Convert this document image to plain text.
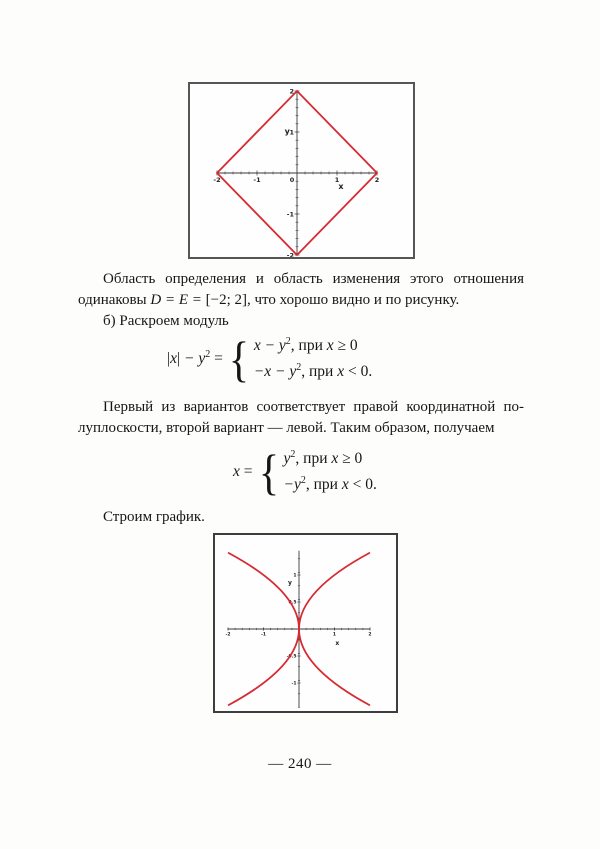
-2	-1	0	1	2
2
1
-1
-2
y
x
Область определения и область изменения этого отношения
одинаковы D = E = [−2; 2], что хорошо видно и по рисунку.
б) Раскроем модуль
$|x| - y^2$ = { $x - y^2$, при x ≥ 0
$-x - y^2$, при x < 0.
Первый из вариантов соответствует правой координатной по-
луплоскости, второй вариант — левой. Таким образом, получаем
x = { $y^2$, при x ≥ 0
$-y^2$, при x < 0.
Строим график.
-2	-1	1	2
1
0.5
-0.5
-1
y
x
— 240 —
